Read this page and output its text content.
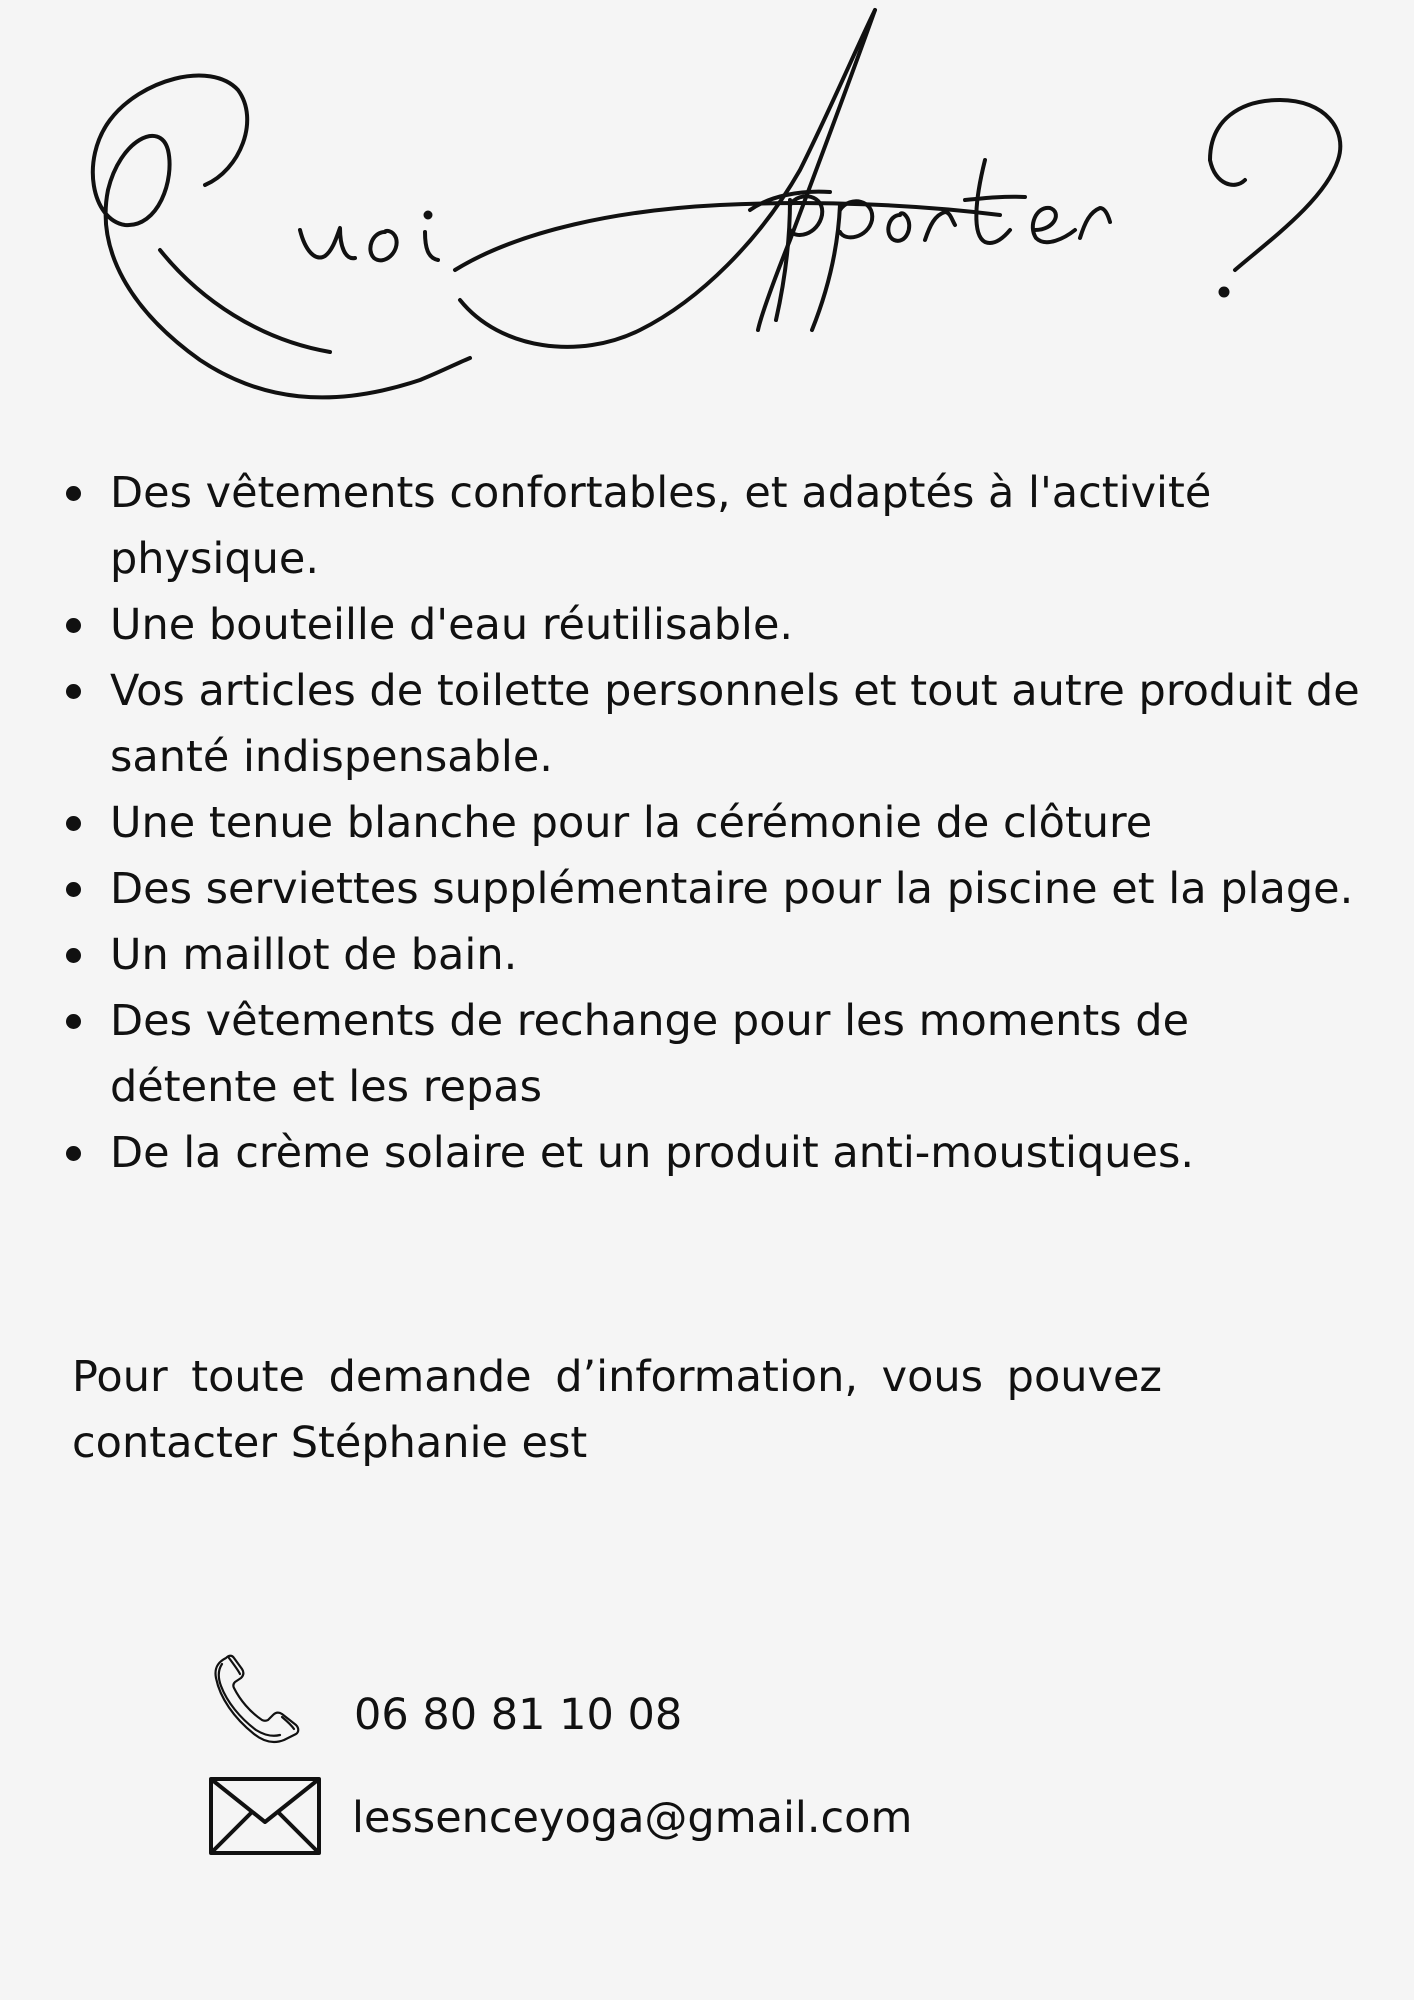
Des vêtements confortables, et adaptés à l'activité physique.
Une bouteille d'eau réutilisable.
Vos articles de toilette personnels et tout autre produit de santé indispensable.
Une tenue blanche pour la cérémonie de clôture
Des serviettes supplémentaire pour la piscine et la plage.
Un maillot de bain.
Des vêtements de rechange pour les moments de détente et les repas
De la crème solaire et un produit anti-moustiques.

Pour toute demande d’information, vous pouvez contacter Stéphanie est

06 80 81 10 08
lessenceyoga@gmail.com
